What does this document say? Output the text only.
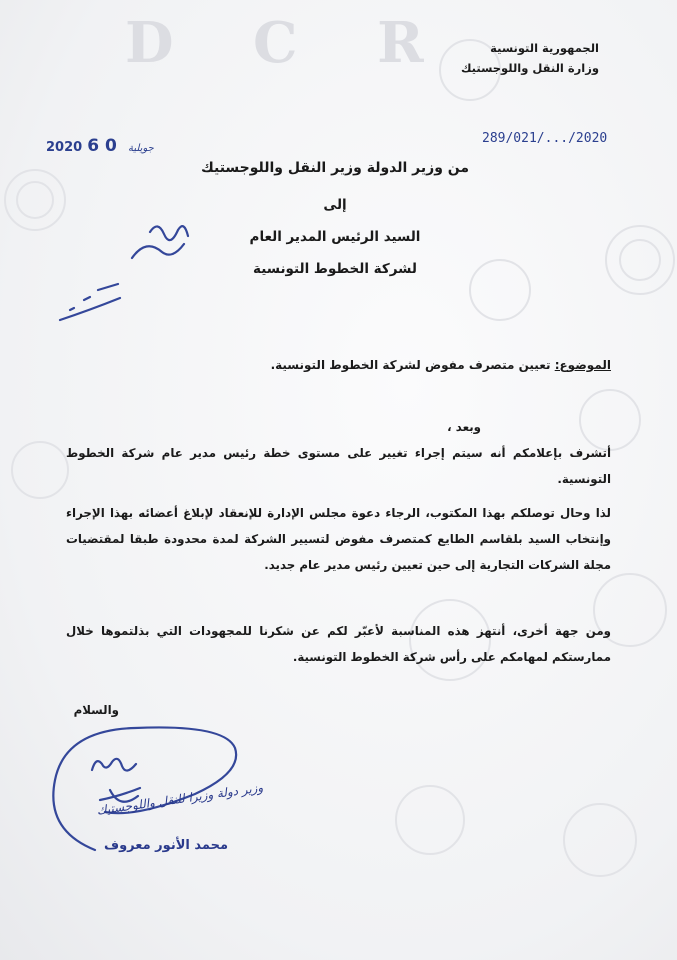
D C R	الجمهورية التونسية
وزارة النقل واللوجستيك
2020	جويلية 0 6	289/021/.../2020
من وزير الدولة وزير النقل واللوجستيك
إلى
السيد الرئيس المدير العام
لشركة الخطوط التونسية
الموضوع: تعيين متصرف مفوض لشركة الخطوط التونسية.
وبعد ،
أتشرف بإعلامكم أنه سيتم إجراء تغيير على مستوى خطة رئيس مدير عام شركة الخطوط التونسية.
لذا وحال توصلكم بهذا المكتوب، الرجاء دعوة مجلس الإدارة للإنعقاد لإبلاغ أعضائه بهذا الإجراء وإنتخاب السيد بلقاسم الطايع كمتصرف مفوض لتسيير الشركة لمدة محدودة طبقا لمقتضيات مجلة الشركات التجارية إلى حين تعيين رئيس مدير عام جديد.
ومن جهة أخرى، أنتهز هذه المناسبة لأعبّر لكم عن شكرنا للمجهودات التي بذلتموها خلال ممارستكم لمهامكم على رأس شركة الخطوط التونسية.
والسلام
وزير دولة وزيرا للنقل واللوجستيك
محمد الأنور معروف
